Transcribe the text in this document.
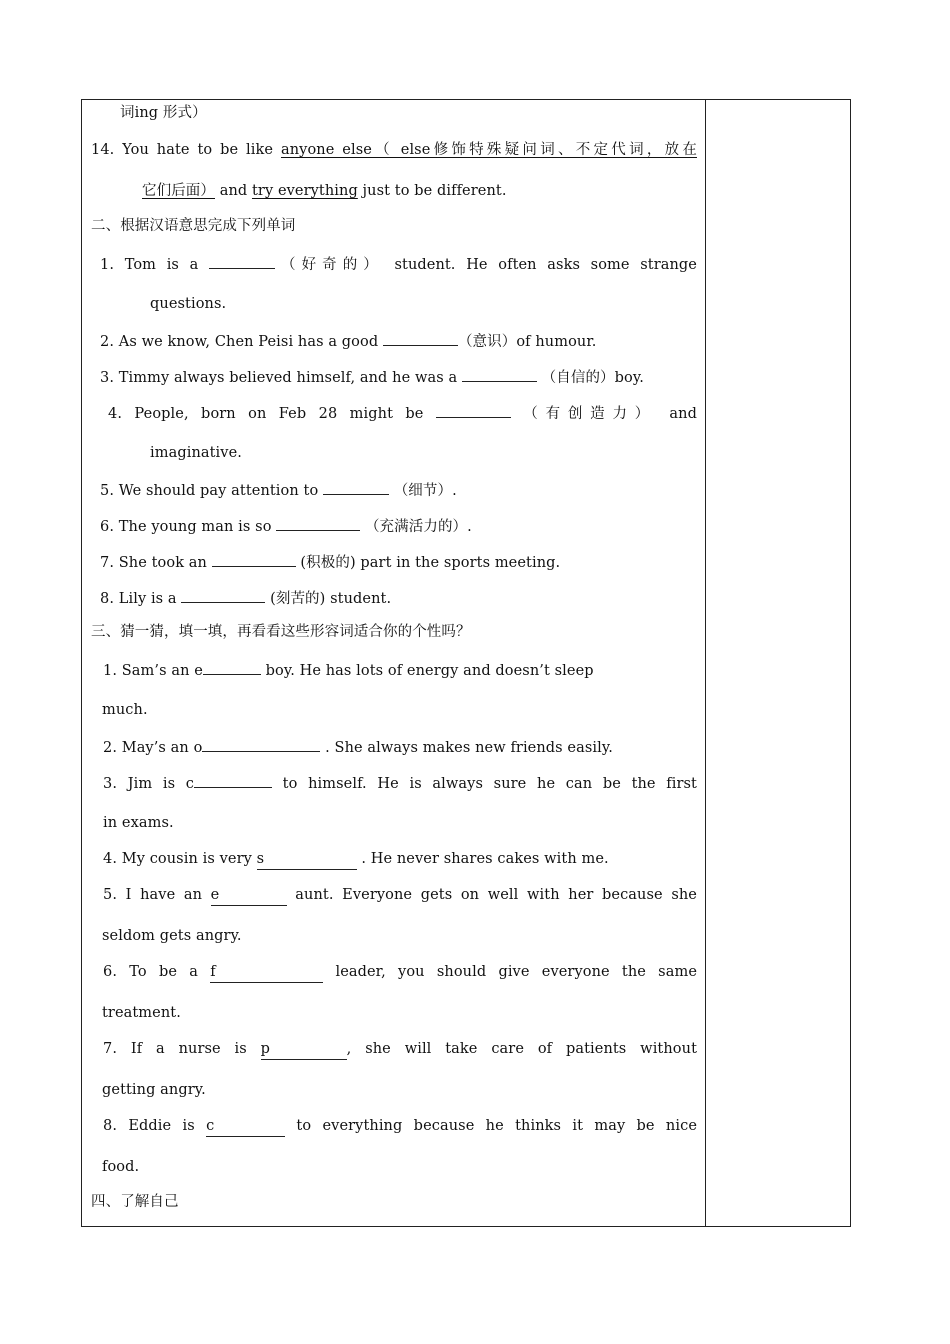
词ing 形式）
14. You hate to be like anyone else（ else修饰特殊疑问词、不定代词，放在
它们后面） and try everything just to be different.
二、根据汉语意思完成下列单词
1. Tom is a	（好奇的） student. He often asks some strange
questions.
2. As we know, Chen Peisi has a good	（意识）of humour.
3. Timmy always believed himself, and he was a	（自信的）boy.
4. People, born on Feb 28 might be	（有创造力） and
imaginative.
5. We should pay attention to	（细节）.
6. The young man is so	（充满活力的）.
7. She took an	(积极的) part in the sports meeting.
8. Lily is a	(刻苦的) student.
三、猜一猜，填一填，再看看这些形容词适合你的个性吗？
1. Sam’s an e	boy. He has lots of energy and doesn’t sleep
much.
2. May’s an o	. She always makes new friends easily.
3. Jim is c	to himself. He is always sure he can be the first
in exams.
4. My cousin is very s	. He never shares cakes with me.
5. I have an e	aunt. Everyone gets on well with her because she
seldom gets angry.
6. To be a f	leader, you should give everyone the same
treatment.
7. If a nurse is p	, she will take care of patients without
getting angry.
8. Eddie is c	to everything because he thinks it may be nice
food.
四、了解自己
